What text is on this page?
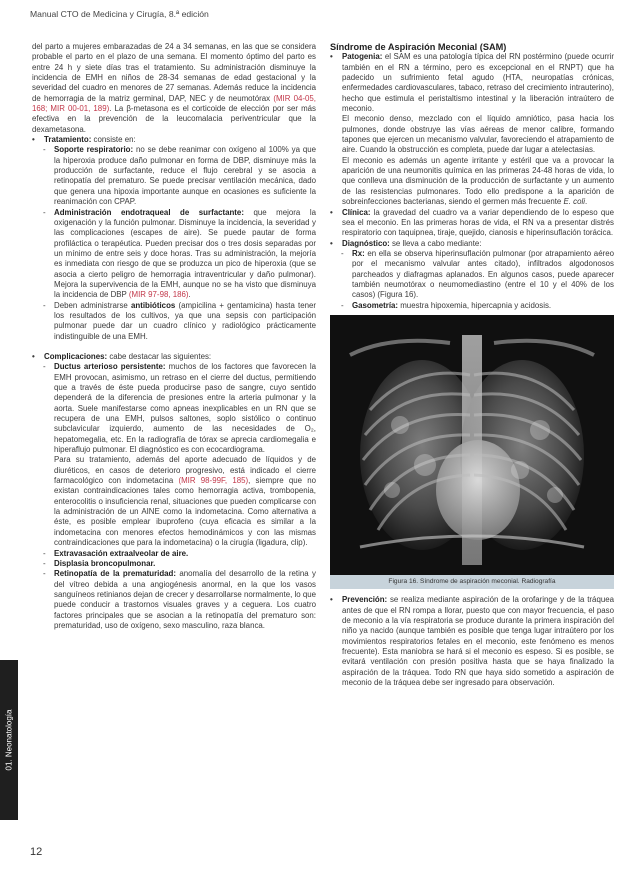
Manual CTO de Medicina y Cirugía, 8.ª edición

del parto a mujeres embarazadas de 24 a 34 semanas, en las que se considera probable el parto en el plazo de una semana. El momento óptimo del parto es entre 24 h y siete días tras el tratamiento. Su administración disminuye la incidencia de EMH en niños de 28-34 semanas de edad gestacional y la severidad del cuadro en menores de 27 semanas. Además reduce la incidencia de hemorragia de la matriz germinal, DAP, NEC y de neumotórax (MIR 04-05, 168; MIR 00-01, 189). La β-metasona es el corticoide de elección por ser más efectiva en la prevención de la leucomalacia periventricular que la dexametasona.

• Tratamiento: consiste en:

- Soporte respiratorio: no se debe reanimar con oxígeno al 100% ya que la hiperoxia produce daño pulmonar en forma de DBP, disminuye más la producción de surfactante, reduce el flujo cerebral y se asocia a retinopatía del prematuro. Se puede precisar ventilación mecánica, dado que genera una hipoxia importante aunque en ocasiones es suficiente la reanimación con CPAP.

- Administración endotraqueal de surfactante: que mejora la oxigenación y la función pulmonar. Disminuye la incidencia, la severidad y las complicaciones (escapes de aire). Se puede pautar de forma profiláctica o terapéutica. Pueden precisar dos o tres dosis separadas por un mínimo de entre seis y doce horas. Tras su administración, la mejoría es inmediata con riesgo de que se produzca un pico de hiperoxia (que se asocia a cierto peligro de hemorragia intraventricular y daño pulmonar). Mejora la supervivencia de la EMH, aunque no se ha visto que disminuya la incidencia de DBP (MIR 97-98, 186).

- Deben administrarse antibióticos (ampicilina + gentamicina) hasta tener los resultados de los cultivos, ya que una sepsis con participación pulmonar puede dar un cuadro clínico y radiológico prácticamente indistinguible de una EMH.

• Complicaciones: cabe destacar las siguientes:

- Ductus arterioso persistente: muchos de los factores que favorecen la EMH provocan, asimismo, un retraso en el cierre del ductus, permitiendo que a través de éste pueda producirse paso de sangre, cuyo sentido dependerá de la diferencia de presiones entre la arteria pulmonar y la aorta. Suele manifestarse como apneas inexplicables en un RN que se recupera de una EMH, pulsos saltones, soplo sistólico o continuo subclavicular izquierdo, aumento de las necesidades de O₂, hepatomegalia, etc. En la radiografía de tórax se aprecia cardiomegalia e hiperaflujo pulmonar. El diagnóstico es con ecocardiograma.

Para su tratamiento, además del aporte adecuado de líquidos y de diuréticos, en casos de deterioro progresivo, está indicado el cierre farmacológico con indometacina (MIR 98-99F, 185), siempre que no existan contraindicaciones tales como hemorragia activa, trombopenia, enterocolitis o insuficiencia renal, situaciones que pueden complicarse con la administración de un AINE como la indometacina. Como alternativa a éste, es posible emplear ibuprofeno (cuya eficacia es similar a la indometacina con menores efectos hemodinámicos y con las mismas contraindicaciones que para la indometacina) o la cirugía (ligadura, clip).

- Extravasación extraalveolar de aire.

- Displasia broncopulmonar.

- Retinopatía de la prematuridad: anomalía del desarrollo de la retina y del vítreo debida a una angiogénesis anormal, en la que los vasos sanguíneos retinianos dejan de crecer y desarrollarse normalmente, lo que puede conducir a trastornos visuales graves y a ceguera. Los cuatro factores principales que se asocian a la retinopatía del prematuro son: prematuridad, uso de oxígeno, sexo masculino, raza blanca.

Síndrome de Aspiración Meconial (SAM)

• Patogenia: el SAM es una patología típica del RN postérmino (puede ocurrir también en el RN a término, pero es excepcional en el RNPT) que ha padecido un sufrimiento fetal agudo (HTA, neuropatías crónicas, enfermedades cardiovasculares, tabaco, retraso del crecimiento intrauterino), hecho que estimula el peristaltismo intestinal y la liberación intraútero de meconio.

El meconio denso, mezclado con el líquido amniótico, pasa hacia los pulmones, donde obstruye las vías aéreas de menor calibre, formando tapones que ejercen un mecanismo valvular, favoreciendo el atrapamiento de aire. Cuando la obstrucción es completa, puede dar lugar a atelectasias.

El meconio es además un agente irritante y estéril que va a provocar la aparición de una neumonitis química en las primeras 24-48 horas de vida, lo que conlleva una disminución de la producción de surfactante y un aumento de las resistencias pulmonares. Todo ello predispone a la aparición de sobreinfecciones bacterianas, siendo el germen más frecuente E. coli.

• Clínica: la gravedad del cuadro va a variar dependiendo de lo espeso que sea el meconio. En las primeras horas de vida, el RN va a presentar distrés respiratorio con taquipnea, tiraje, quejido, cianosis e hiperinsuflación torácica.

• Diagnóstico: se lleva a cabo mediante:

- Rx: en ella se observa hiperinsuflación pulmonar (por atrapamiento aéreo por el mecanismo valvular antes citado), infiltrados algodonosos parcheados y diafragmas aplanados. En algunos casos, puede aparecer también neumotórax o neumomediastino (entre el 10 y el 40% de los casos) (Figura 16).

- Gasometría: muestra hipoxemia, hipercapnia y acidosis.

Figura 16. Síndrome de aspiración meconial. Radiografía

• Prevención: se realiza mediante aspiración de la orofaringe y de la tráquea antes de que el RN rompa a llorar, puesto que con mayor frecuencia, el paso de meconio a la vía respiratoria se produce durante la primera inspiración del niño ya nacido (aunque también es posible que tenga lugar intraútero por los movimientos respiratorios fetales en el meconio, este fenómeno es menos frecuente). Esta maniobra se hará si el meconio es espeso. Si es posible, se evitará ventilación con presión positiva hasta que se haya finalizado la aspiración de la tráquea. Todo RN que haya sido sometido a aspiración de meconio de la tráquea debe ser ingresado para observación.

01. Neonatología
12
